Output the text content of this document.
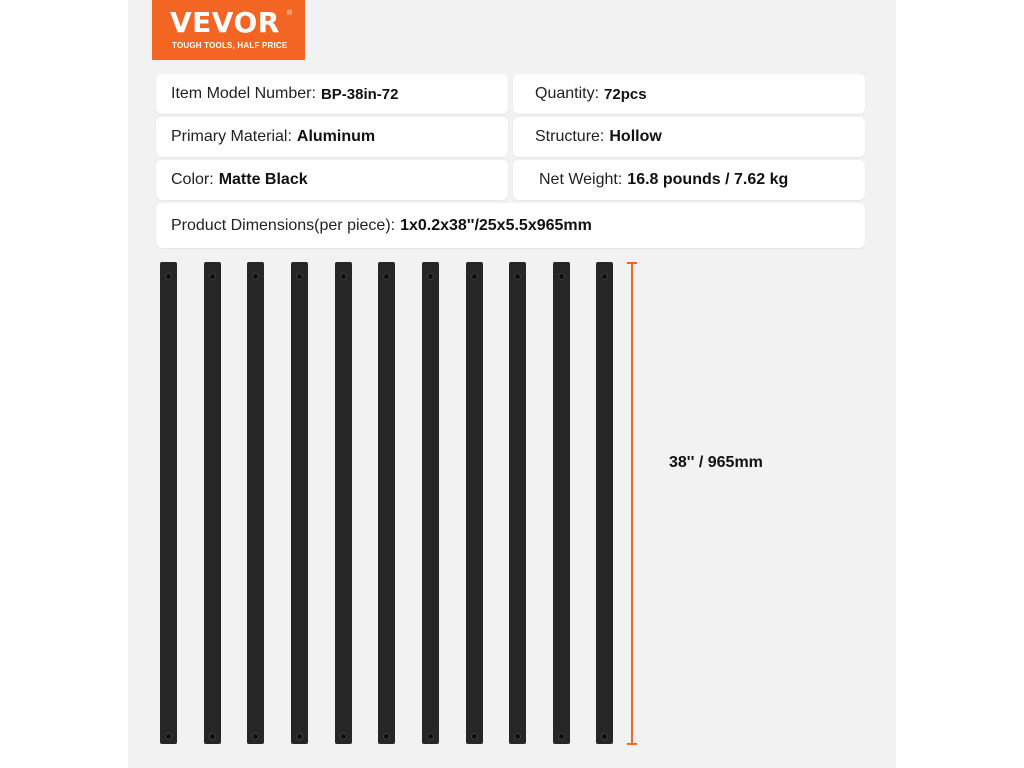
VEVOR ®
TOUGH TOOLS, HALF PRICE
Item Model Number: BP-38in-72	Quantity: 72pcs
Primary Material: Aluminum	Structure: Hollow
Color: Matte Black	Net Weight: 16.8 pounds / 7.62 kg
Product Dimensions(per piece): 1x0.2x38''/25x5.5x965mm
38'' / 965mm
